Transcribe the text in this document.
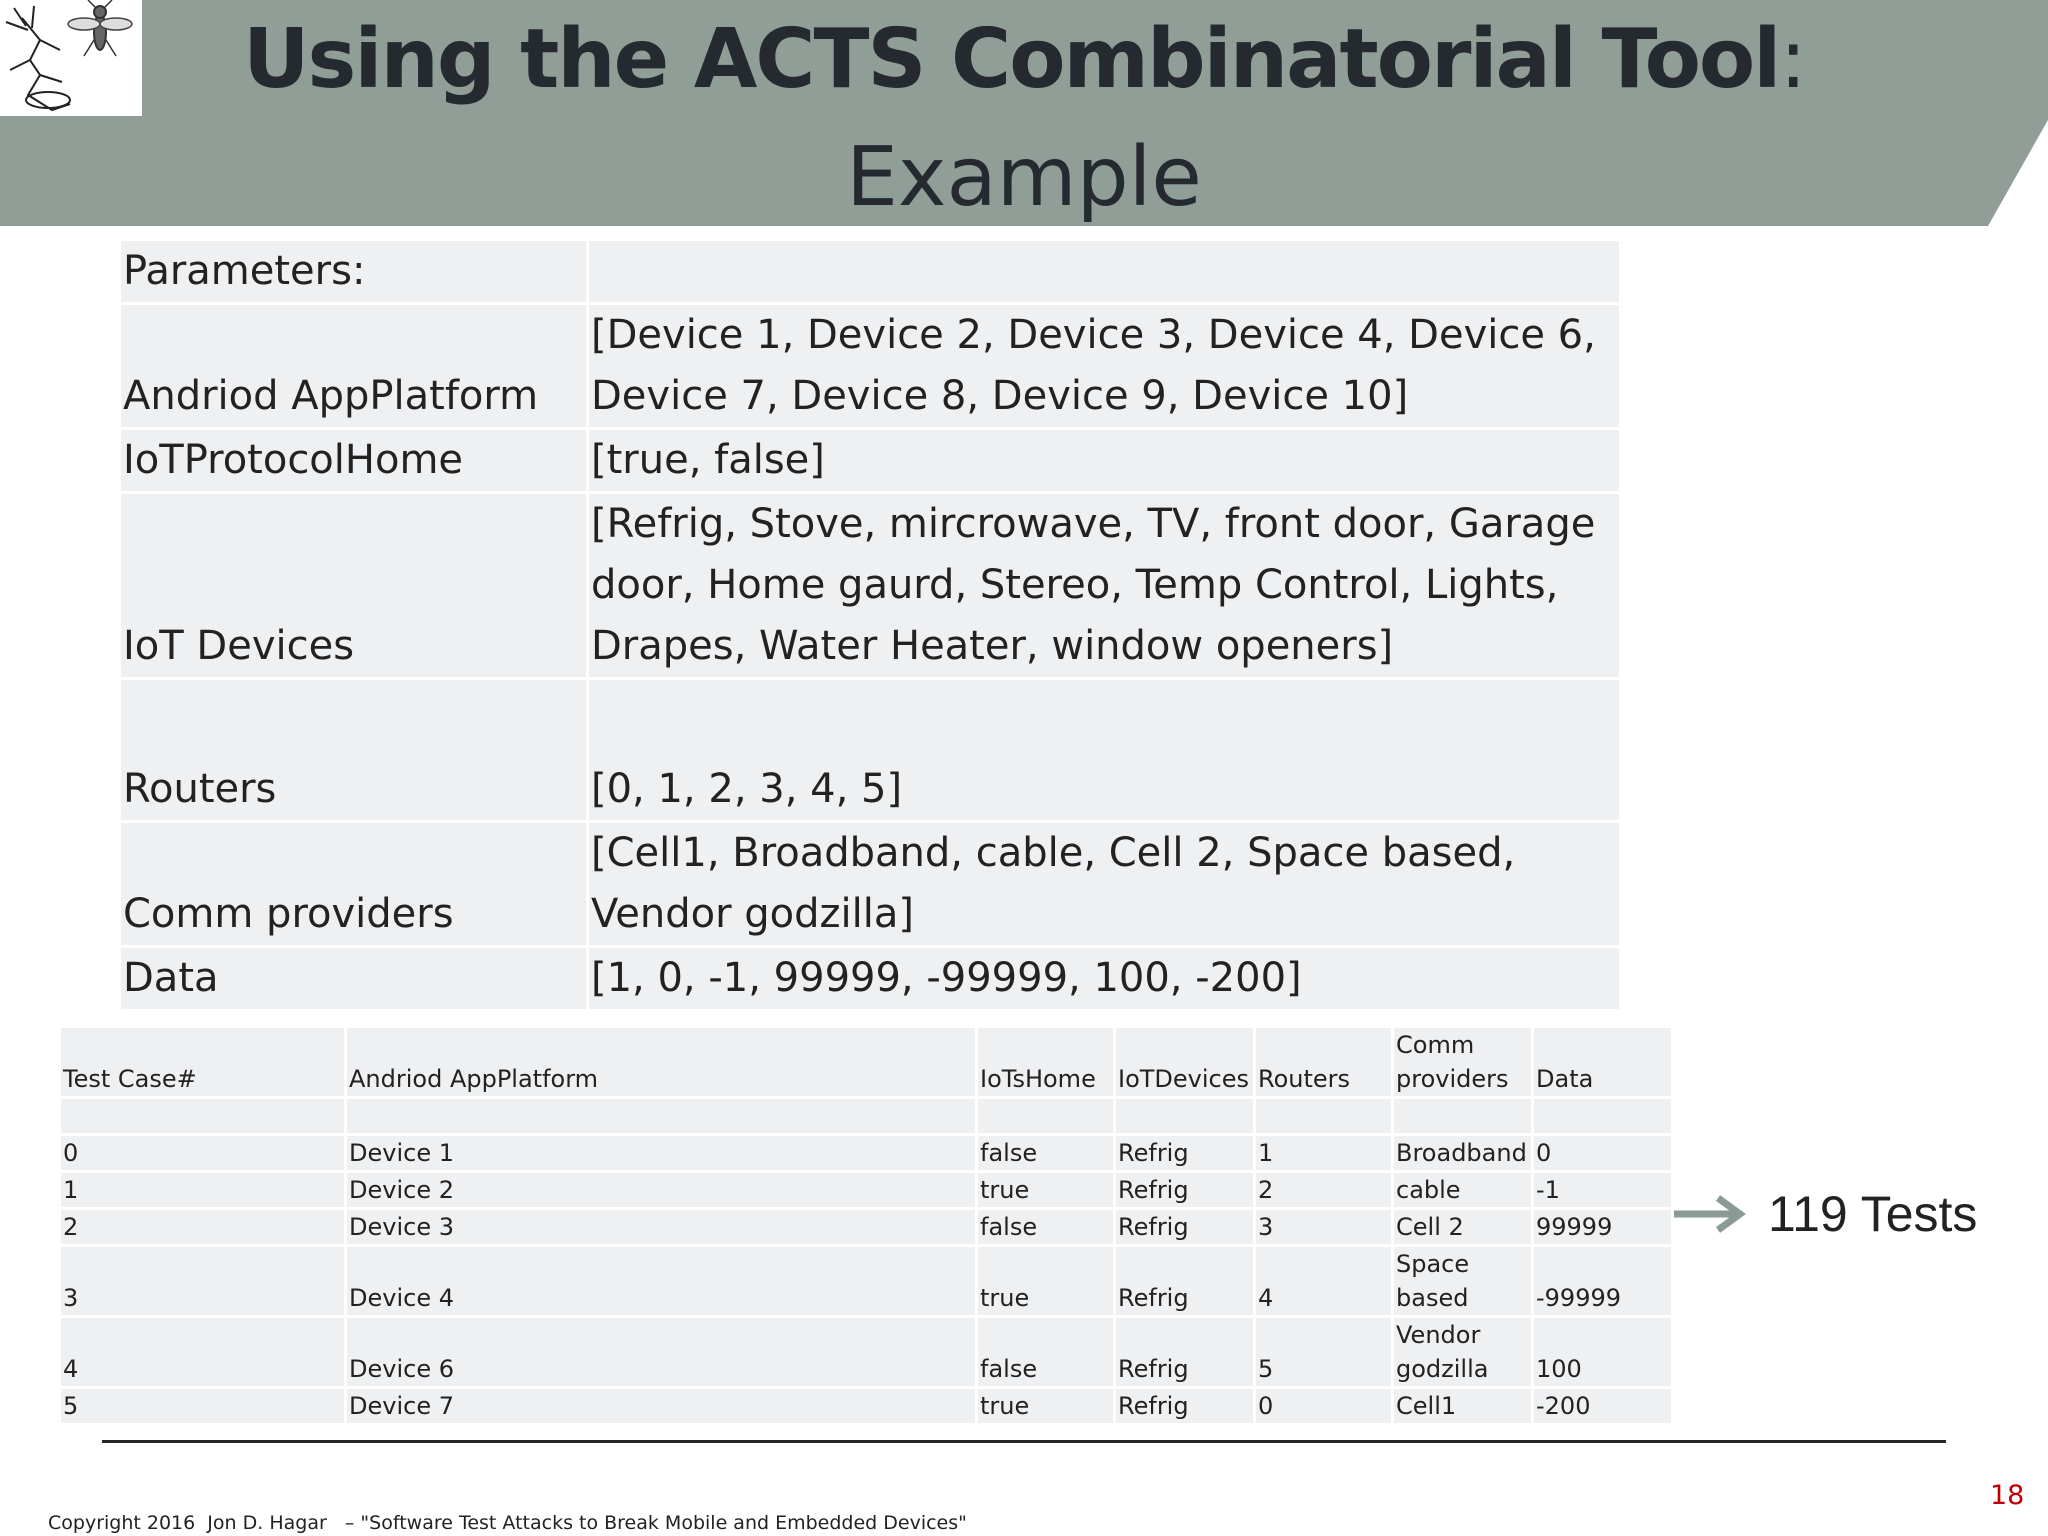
Using the ACTS Combinatorial Tool:
Example
Parameters:	
Andriod AppPlatform	[Device 1, Device 2, Device 3, Device 4, Device 6, Device 7, Device 8, Device 9, Device 10]
IoTProtocolHome	[true, false]
IoT Devices	[Refrig, Stove, mircrowave, TV, front door, Garage door, Home gaurd, Stereo, Temp Control, Lights, Drapes, Water Heater, window openers]
Routers	[0, 1, 2, 3, 4, 5]
Comm providers	[Cell1, Broadband, cable, Cell 2, Space based, Vendor godzilla]
Data	[1, 0, -1, 99999, -99999, 100, -200]
Test Case#	Andriod AppPlatform	IoTsHome	IoTDevices	Routers	Comm providers	Data

0	Device 1	false	Refrig	1	Broadband	0
1	Device 2	true	Refrig	2	cable	-1
2	Device 3	false	Refrig	3	Cell 2	99999
3	Device 4	true	Refrig	4	Space based	-99999
4	Device 6	false	Refrig	5	Vendor godzilla	100
5	Device 7	true	Refrig	0	Cell1	-200
119 Tests
Copyright 2016  Jon D. Hagar   – "Software Test Attacks to Break Mobile and Embedded Devices"
18
